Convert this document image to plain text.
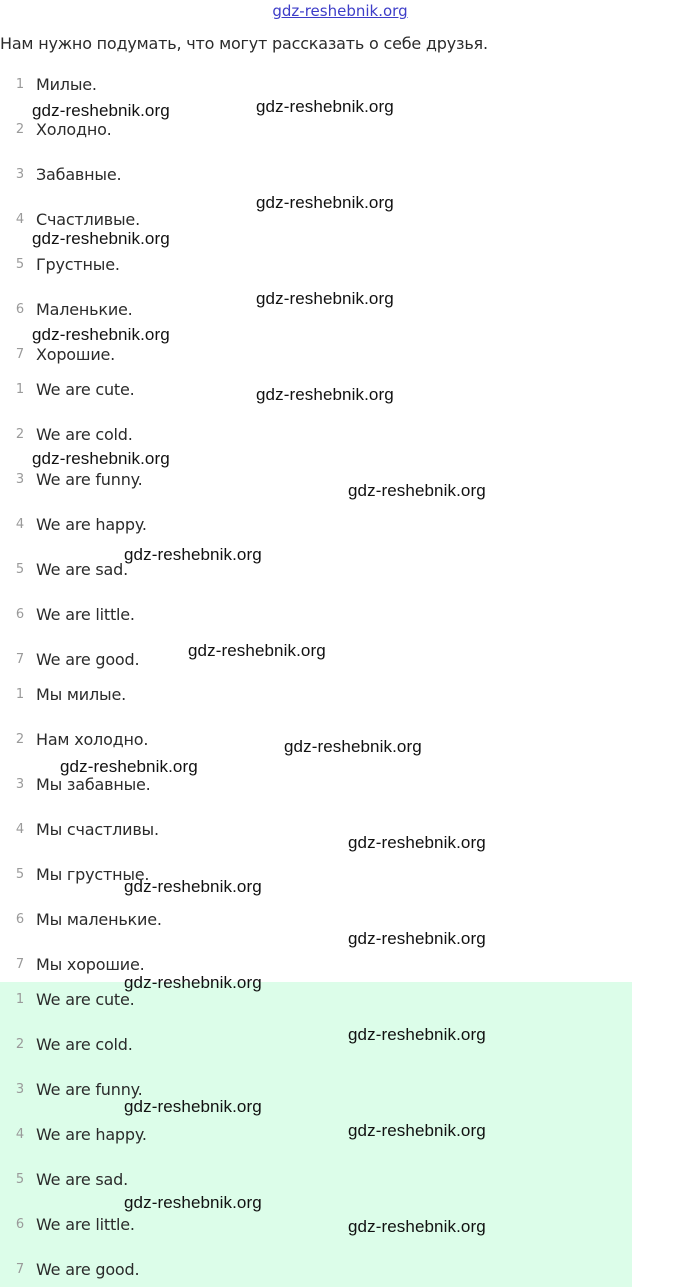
gdz-reshebnik.org
Нам нужно подумать, что могут рассказать о себе друзья.
1 Милые.
2 Холодно.
3 Забавные.
4 Счастливые.
5 Грустные.
6 Маленькие.
7 Хорошие.
1 We are cute.
2 We are cold.
3 We are funny.
4 We are happy.
5 We are sad.
6 We are little.
7 We are good.
1 Мы милые.
2 Нам холодно.
3 Мы забавные.
4 Мы счастливы.
5 Мы грустные.
6 Мы маленькие.
7 Мы хорошие.
1 We are cute.
2 We are cold.
3 We are funny.
4 We are happy.
5 We are sad.
6 We are little.
7 We are good.
gdz-reshebnik.org	gdz-reshebnik.org
gdz-reshebnik.org
gdz-reshebnik.org
gdz-reshebnik.org
gdz-reshebnik.org
gdz-reshebnik.org
gdz-reshebnik.org
gdz-reshebnik.org
gdz-reshebnik.org
gdz-reshebnik.org
gdz-reshebnik.org
gdz-reshebnik.org
gdz-reshebnik.org
gdz-reshebnik.org
gdz-reshebnik.org
gdz-reshebnik.org
gdz-reshebnik.org
gdz-reshebnik.org
gdz-reshebnik.org
gdz-reshebnik.org
gdz-reshebnik.org
